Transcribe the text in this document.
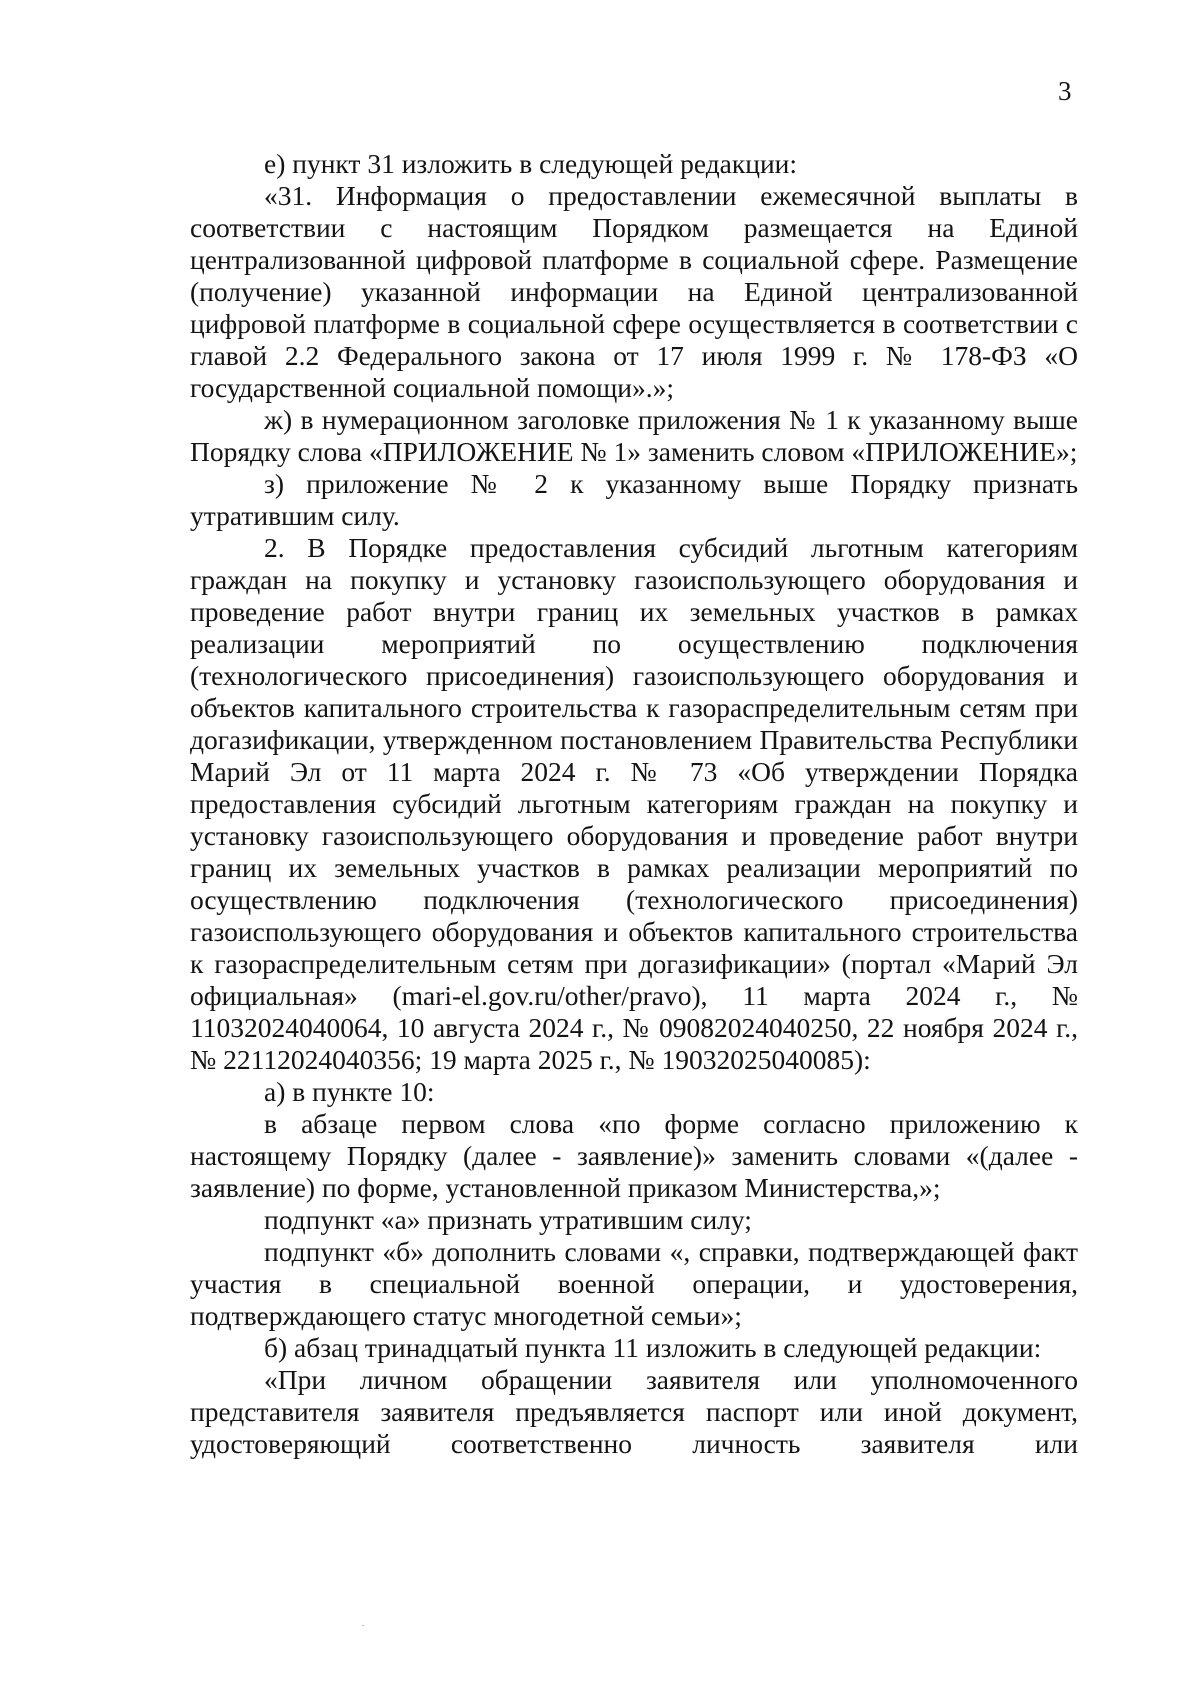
3

е) пункт 31 изложить в следующей редакции:

«31. Информация о предоставлении ежемесячной выплаты в соответствии с настоящим Порядком размещается на Единой централизованной цифровой платформе в социальной сфере. Размещение (получение) указанной информации на Единой централизованной цифровой платформе в социальной сфере осуществляется в соответствии с главой 2.2 Федерального закона от 17 июля 1999 г. № 178-ФЗ «О государственной социальной помощи».»;

ж) в нумерационном заголовке приложения № 1 к указанному выше Порядку слова «ПРИЛОЖЕНИЕ № 1» заменить словом «ПРИЛОЖЕНИЕ»;

з) приложение № 2 к указанному выше Порядку признать утратившим силу.

2. В Порядке предоставления субсидий льготным категориям граждан на покупку и установку газоиспользующего оборудования и проведение работ внутри границ их земельных участков в рамках реализации мероприятий по осуществлению подключения (технологического присоединения) газоиспользующего оборудования и объектов капитального строительства к газораспределительным сетям при догазификации, утвержденном постановлением Правительства Республики Марий Эл от 11 марта 2024 г. № 73 «Об утверждении Порядка предоставления субсидий льготным категориям граждан на покупку и установку газоиспользующего оборудования и проведение работ внутри границ их земельных участков в рамках реализации мероприятий по осуществлению подключения (технологического присоединения) газоиспользующего оборудования и объектов капитального строительства к газораспределительным сетям при догазификации» (портал «Марий Эл официальная» (mari-el.gov.ru/other/pravo), 11 марта 2024 г., № 11032024040064, 10 августа 2024 г., № 09082024040250, 22 ноября 2024 г., № 22112024040356; 19 марта 2025 г., № 19032025040085):

а) в пункте 10:

в абзаце первом слова «по форме согласно приложению к настоящему Порядку (далее - заявление)» заменить словами «(далее - заявление) по форме, установленной приказом Министерства,»;

подпункт «а» признать утратившим силу;

подпункт «б» дополнить словами «, справки, подтверждающей факт участия в специальной военной операции, и удостоверения, подтверждающего статус многодетной семьи»;

б) абзац тринадцатый пункта 11 изложить в следующей редакции:

«При личном обращении заявителя или уполномоченного представителя заявителя предъявляется паспорт или иной документ, удостоверяющий соответственно личность заявителя или
